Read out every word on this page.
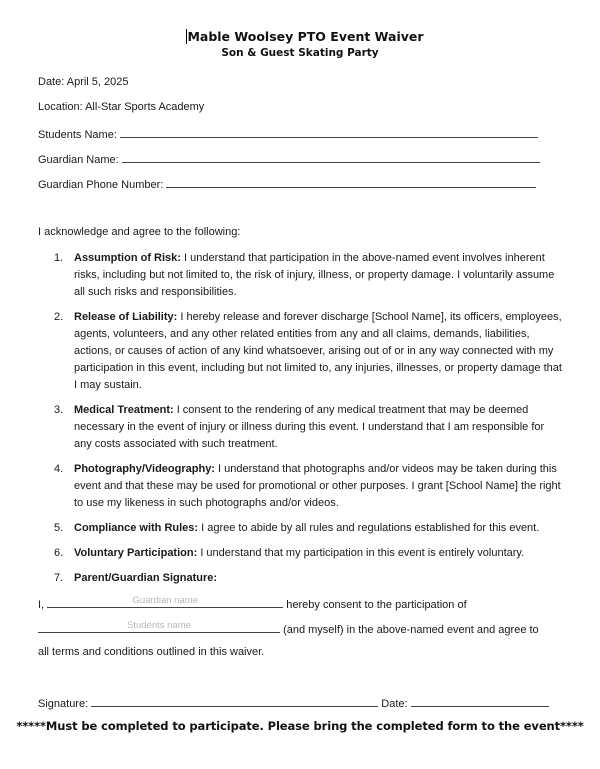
Mable Woolsey PTO Event Waiver
Son & Guest Skating Party
Date: April 5, 2025
Location: All-Star Sports Academy
Students Name:
Guardian Name:
Guardian Phone Number:
I acknowledge and agree to the following:
1. Assumption of Risk: I understand that participation in the above-named event involves inherent risks, including but not limited to, the risk of injury, illness, or property damage. I voluntarily assume all such risks and responsibilities.
2. Release of Liability: I hereby release and forever discharge [School Name], its officers, employees, agents, volunteers, and any other related entities from any and all claims, demands, liabilities, actions, or causes of action of any kind whatsoever, arising out of or in any way connected with my participation in this event, including but not limited to, any injuries, illnesses, or property damage that I may sustain.
3. Medical Treatment: I consent to the rendering of any medical treatment that may be deemed necessary in the event of injury or illness during this event. I understand that I am responsible for any costs associated with such treatment.
4. Photography/Videography: I understand that photographs and/or videos may be taken during this event and that these may be used for promotional or other purposes. I grant [School Name] the right to use my likeness in such photographs and/or videos.
5. Compliance with Rules: I agree to abide by all rules and regulations established for this event.
6. Voluntary Participation: I understand that my participation in this event is entirely voluntary.
7. Parent/Guardian Signature:
I,	Guardian name	hereby consent to the participation of
Students name	(and myself) in the above-named event and agree to
all terms and conditions outlined in this waiver.
Signature:	Date:
*****Must be completed to participate. Please bring the completed form to the event****
